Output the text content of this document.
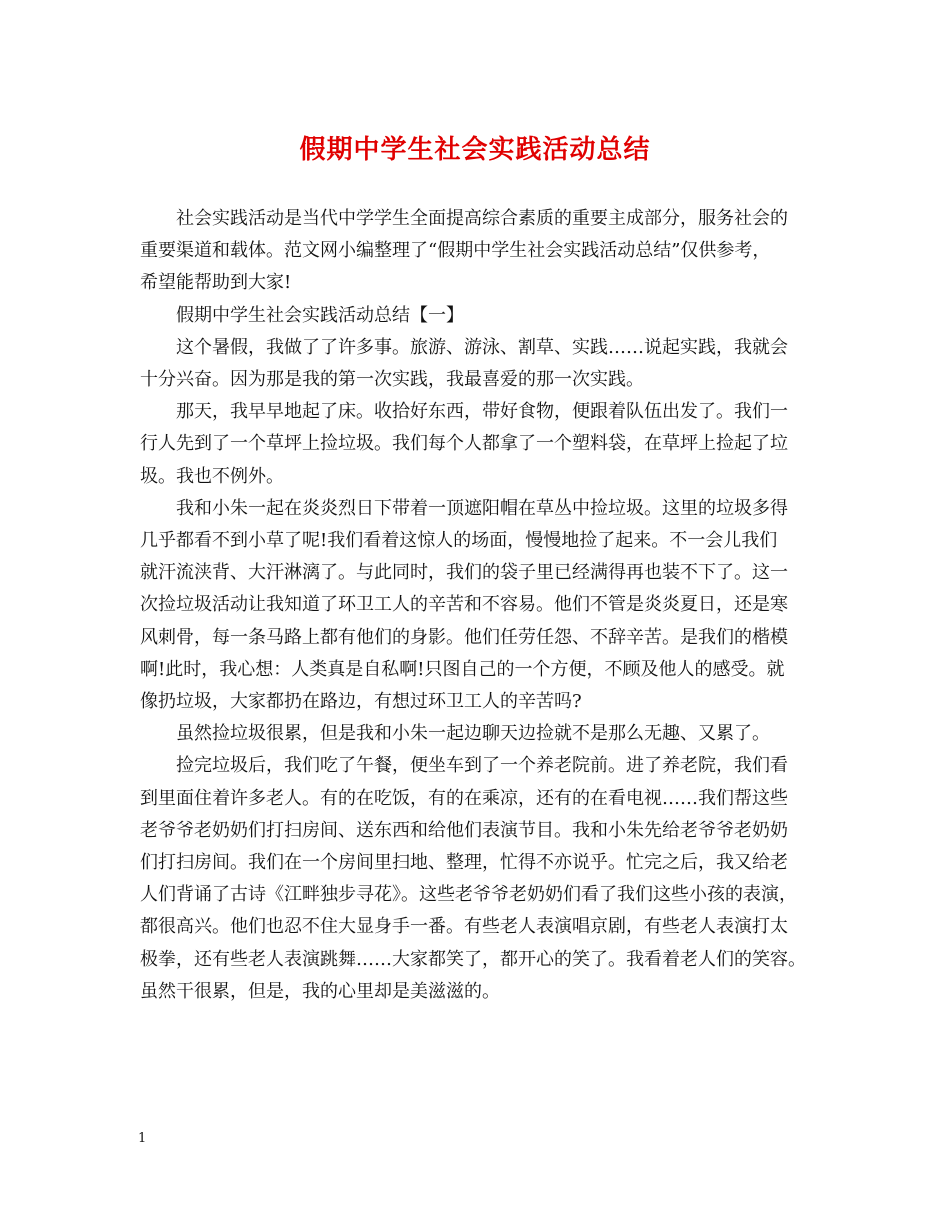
假期中学生社会实践活动总结
社会实践活动是当代中学学生全面提高综合素质的重要主成部分，服务社会的
重要渠道和载体。范文网小编整理了“假期中学生社会实践活动总结”仅供参考，
希望能帮助到大家!
假期中学生社会实践活动总结【一】
这个暑假，我做了了许多事。旅游、游泳、割草、实践……说起实践，我就会
十分兴奋。因为那是我的第一次实践，我最喜爱的那一次实践。
那天，我早早地起了床。收拾好东西，带好食物，便跟着队伍出发了。我们一
行人先到了一个草坪上捡垃圾。我们每个人都拿了一个塑料袋，在草坪上捡起了垃
圾。我也不例外。
我和小朱一起在炎炎烈日下带着一顶遮阳帽在草丛中捡垃圾。这里的垃圾多得
几乎都看不到小草了呢!我们看着这惊人的场面，慢慢地捡了起来。不一会儿我们
就汗流浃背、大汗淋漓了。与此同时，我们的袋子里已经满得再也装不下了。这一
次捡垃圾活动让我知道了环卫工人的辛苦和不容易。他们不管是炎炎夏日，还是寒
风刺骨，每一条马路上都有他们的身影。他们任劳任怨、不辞辛苦。是我们的楷模
啊!此时，我心想：人类真是自私啊!只图自己的一个方便，不顾及他人的感受。就
像扔垃圾，大家都扔在路边，有想过环卫工人的辛苦吗?
虽然捡垃圾很累，但是我和小朱一起边聊天边捡就不是那么无趣、又累了。
捡完垃圾后，我们吃了午餐，便坐车到了一个养老院前。进了养老院，我们看
到里面住着许多老人。有的在吃饭，有的在乘凉，还有的在看电视……我们帮这些
老爷爷老奶奶们打扫房间、送东西和给他们表演节目。我和小朱先给老爷爷老奶奶
们打扫房间。我们在一个房间里扫地、整理，忙得不亦说乎。忙完之后，我又给老
人们背诵了古诗《江畔独步寻花》。这些老爷爷老奶奶们看了我们这些小孩的表演，
都很高兴。他们也忍不住大显身手一番。有些老人表演唱京剧，有些老人表演打太
极拳，还有些老人表演跳舞……大家都笑了，都开心的笑了。我看着老人们的笑容。
虽然干很累，但是，我的心里却是美滋滋的。
1
